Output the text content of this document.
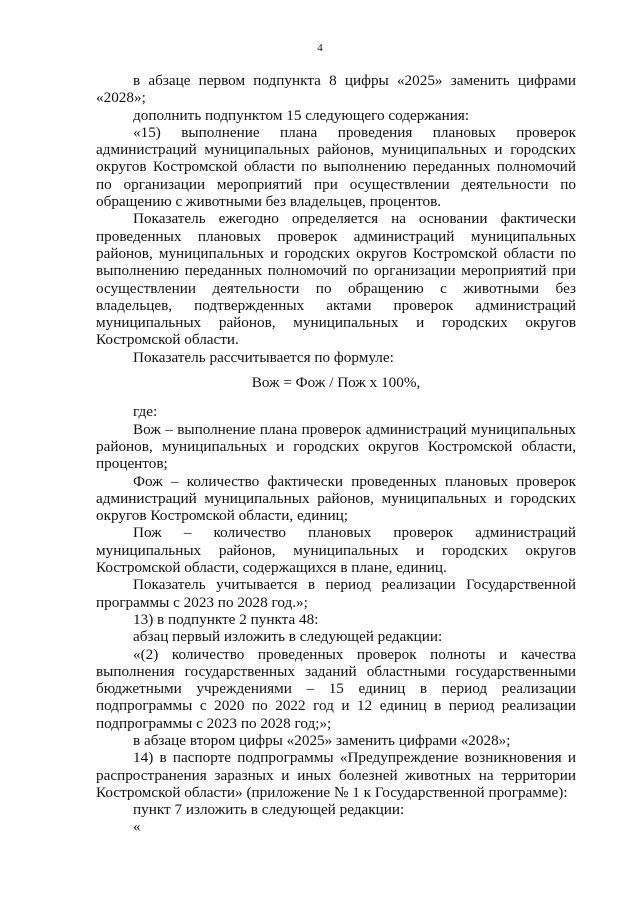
4

в абзаце первом подпункта 8 цифры «2025» заменить цифрами «2028»;

дополнить подпунктом 15 следующего содержания:

«15) выполнение плана проведения плановых проверок администраций муниципальных районов, муниципальных и городских округов Костромской области по выполнению переданных полномочий по организации мероприятий при осуществлении деятельности по обращению с животными без владельцев, процентов.

Показатель ежегодно определяется на основании фактически проведенных плановых проверок администраций муниципальных районов, муниципальных и городских округов Костромской области по выполнению переданных полномочий по организации мероприятий при осуществлении деятельности по обращению с животными без владельцев, подтвержденных актами проверок администраций муниципальных районов, муниципальных и городских округов Костромской области.

Показатель рассчитывается по формуле:

Вож = Фож / Пож х 100%,

где:

Вож – выполнение плана проверок администраций муниципальных районов, муниципальных и городских округов Костромской области, процентов;

Фож – количество фактически проведенных плановых проверок администраций муниципальных районов, муниципальных и городских округов Костромской области, единиц;

Пож – количество плановых проверок администраций муниципальных районов, муниципальных и городских округов Костромской области, содержащихся в плане, единиц.

Показатель учитывается в период реализации Государственной программы с 2023 по 2028 год.»;

13) в подпункте 2 пункта 48:

абзац первый изложить в следующей редакции:

«(2) количество проведенных проверок полноты и качества выполнения государственных заданий областными государственными бюджетными учреждениями – 15 единиц в период реализации подпрограммы с 2020 по 2022 год и 12 единиц в период реализации подпрограммы с 2023 по 2028 год;»;

в абзаце втором цифры «2025» заменить цифрами «2028»;

14) в паспорте подпрограммы «Предупреждение возникновения и распространения заразных и иных болезней животных на территории Костромской области» (приложение № 1 к Государственной программе):

пункт 7 изложить в следующей редакции:

«
